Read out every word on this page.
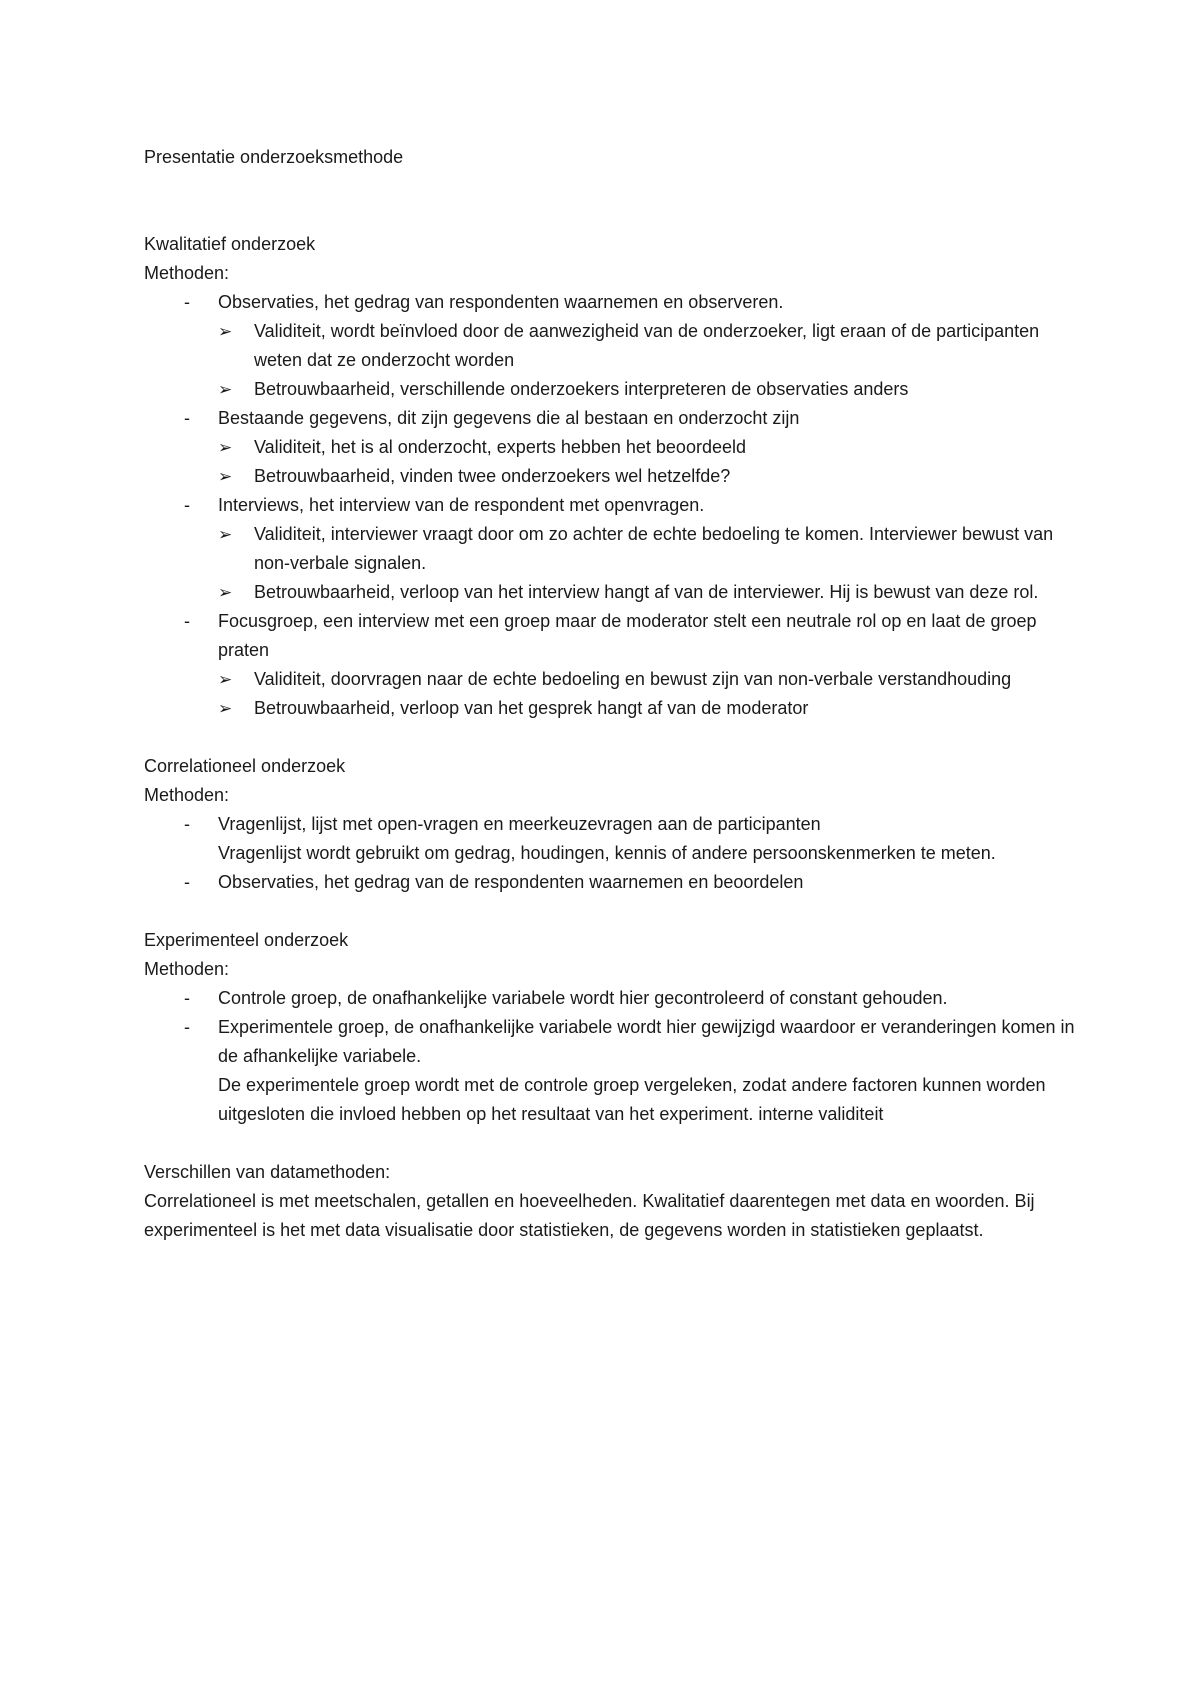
Presentatie onderzoeksmethode

Kwalitatief onderzoek
Methoden:
-	Observaties, het gedrag van respondenten waarnemen en observeren.
➢	Validiteit, wordt beïnvloed door de aanwezigheid van de onderzoeker, ligt eraan of de participanten weten dat ze onderzocht worden
➢	Betrouwbaarheid, verschillende onderzoekers interpreteren de observaties anders
-	Bestaande gegevens, dit zijn gegevens die al bestaan en onderzocht zijn
➢	Validiteit, het is al onderzocht, experts hebben het beoordeeld
➢	Betrouwbaarheid, vinden twee onderzoekers wel hetzelfde?
-	Interviews, het interview van de respondent met openvragen.
➢	Validiteit, interviewer vraagt door om zo achter de echte bedoeling te komen. Interviewer bewust van non-verbale signalen.
➢	Betrouwbaarheid, verloop van het interview hangt af van de interviewer. Hij is bewust van deze rol.
-	Focusgroep, een interview met een groep maar de moderator stelt een neutrale rol op en laat de groep praten
➢	Validiteit, doorvragen naar de echte bedoeling en bewust zijn van non-verbale verstandhouding
➢	Betrouwbaarheid, verloop van het gesprek hangt af van de moderator
Correlationeel onderzoek
Methoden:
-	Vragenlijst, lijst met open-vragen en meerkeuzevragen aan de participanten
Vragenlijst wordt gebruikt om gedrag, houdingen, kennis of andere persoonskenmerken te meten.
-	Observaties, het gedrag van de respondenten waarnemen en beoordelen
Experimenteel onderzoek
Methoden:
-	Controle groep, de onafhankelijke variabele wordt hier gecontroleerd of constant gehouden.
-	Experimentele groep, de onafhankelijke variabele wordt hier gewijzigd waardoor er veranderingen komen in de afhankelijke variabele.
De experimentele groep wordt met de controle groep vergeleken, zodat andere factoren kunnen worden uitgesloten die invloed hebben op het resultaat van het experiment. interne validiteit
Verschillen van datamethoden:

Correlationeel is met meetschalen, getallen en hoeveelheden. Kwalitatief daarentegen met data en woorden. Bij experimenteel is het met data visualisatie door statistieken, de gegevens worden in statistieken geplaatst.
